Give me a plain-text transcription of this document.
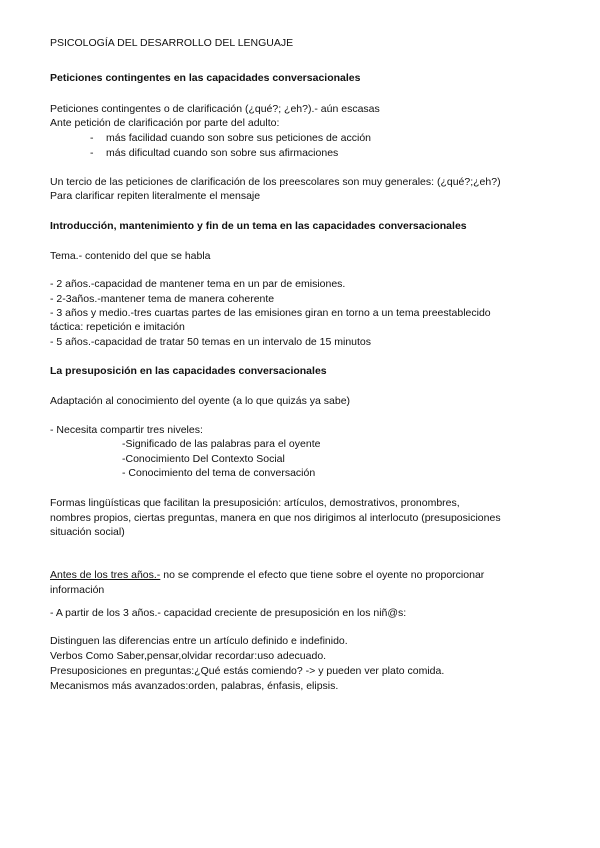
PSICOLOGÍA DEL DESARROLLO DEL LENGUAJE
Peticiones contingentes en las capacidades conversacionales
Peticiones contingentes o de clarificación (¿qué?; ¿eh?).- aún escasas
Ante petición de clarificación por parte del adulto:
- más facilidad cuando son sobre sus peticiones de acción
- más dificultad cuando son sobre sus afirmaciones
Un tercio de las peticiones de clarificación de los preescolares son muy generales: (¿qué?;¿eh?)
Para clarificar repiten literalmente el mensaje
Introducción, mantenimiento y fin de un tema en las capacidades conversacionales
Tema.- contenido del que se habla
- 2 años.-capacidad de mantener tema en un par de emisiones.
- 2-3años.-mantener tema de manera coherente
- 3 años y medio.-tres cuartas partes de las emisiones giran en torno a un tema preestablecido
táctica: repetición e imitación
- 5 años.-capacidad de tratar 50 temas en un intervalo de 15 minutos
La presuposición en las capacidades conversacionales
Adaptación al conocimiento del oyente (a lo que quizás ya sabe)
- Necesita compartir tres niveles:
-Significado de las palabras para el oyente
-Conocimiento Del Contexto Social
- Conocimiento del tema de conversación
Formas lingüísticas que facilitan la presuposición: artículos, demostrativos, pronombres,
nombres propios, ciertas preguntas, manera en que nos dirigimos al interlocuto (presuposiciones
situación social)
Antes de los tres años.- no se comprende el efecto que tiene sobre el oyente no proporcionar
información
- A partir de los 3 años.- capacidad creciente de presuposición en los niñ@s:
Distinguen las diferencias entre un artículo definido e indefinido.
Verbos Como Saber,pensar,olvidar recordar:uso adecuado.
Presuposiciones en preguntas:¿Qué estás comiendo? -> y pueden ver plato comida.
Mecanismos más avanzados:orden, palabras, énfasis, elipsis.
